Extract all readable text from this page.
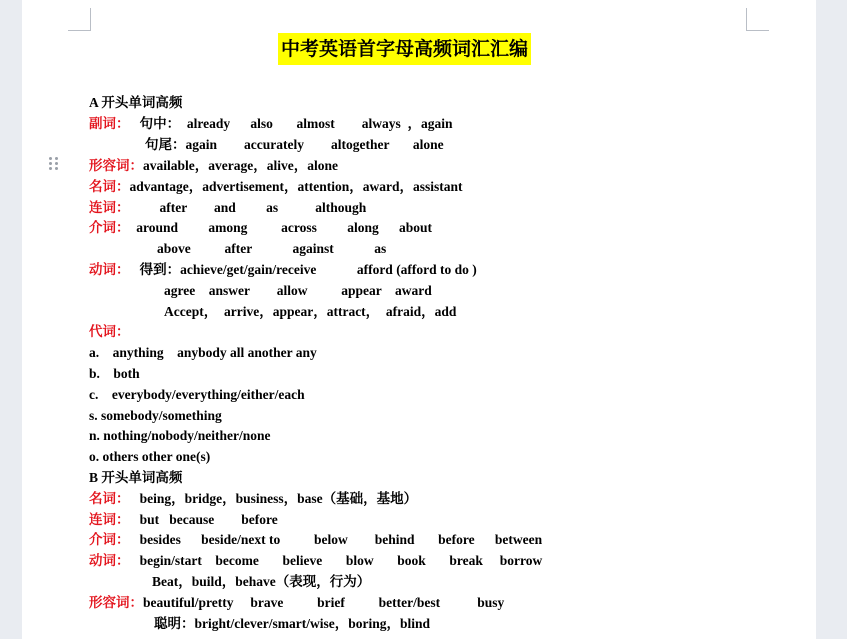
中考英语首字母高频词汇汇编
A 开头单词高频
副词：   句中：  already      also       almost        always  ，again
句尾：again        accurately        altogether       alone
形容词：available，average，alive，alone
名词：advantage，advertisement，attention，award，assistant
连词： after        and         as           although
介词：  around         among          across         along      about
above          after            against            as
动词：   得到：achieve/get/gain/receive            afford (afford to do )
agree    answer        allow          appear    award
Accept，  arrive，appear，attract，  afraid，add
代词：
a.    anything    anybody all another any
b.    both
c.    everybody/everything/either/each
s. somebody/something
n. nothing/nobody/neither/none
o. others other one(s)
B 开头单词高频
名词：   being，bridge，business，base（基础，基地）
连词：   but   because        before
介词：   besides      beside/next to          below        behind       before      between
动词：   begin/start    become       believe       blow       book       break     borrow
Beat，build，behave（表现，行为）
形容词：beautiful/pretty     brave          brief          better/best           busy
聪明：bright/clever/smart/wise，boring，blind
